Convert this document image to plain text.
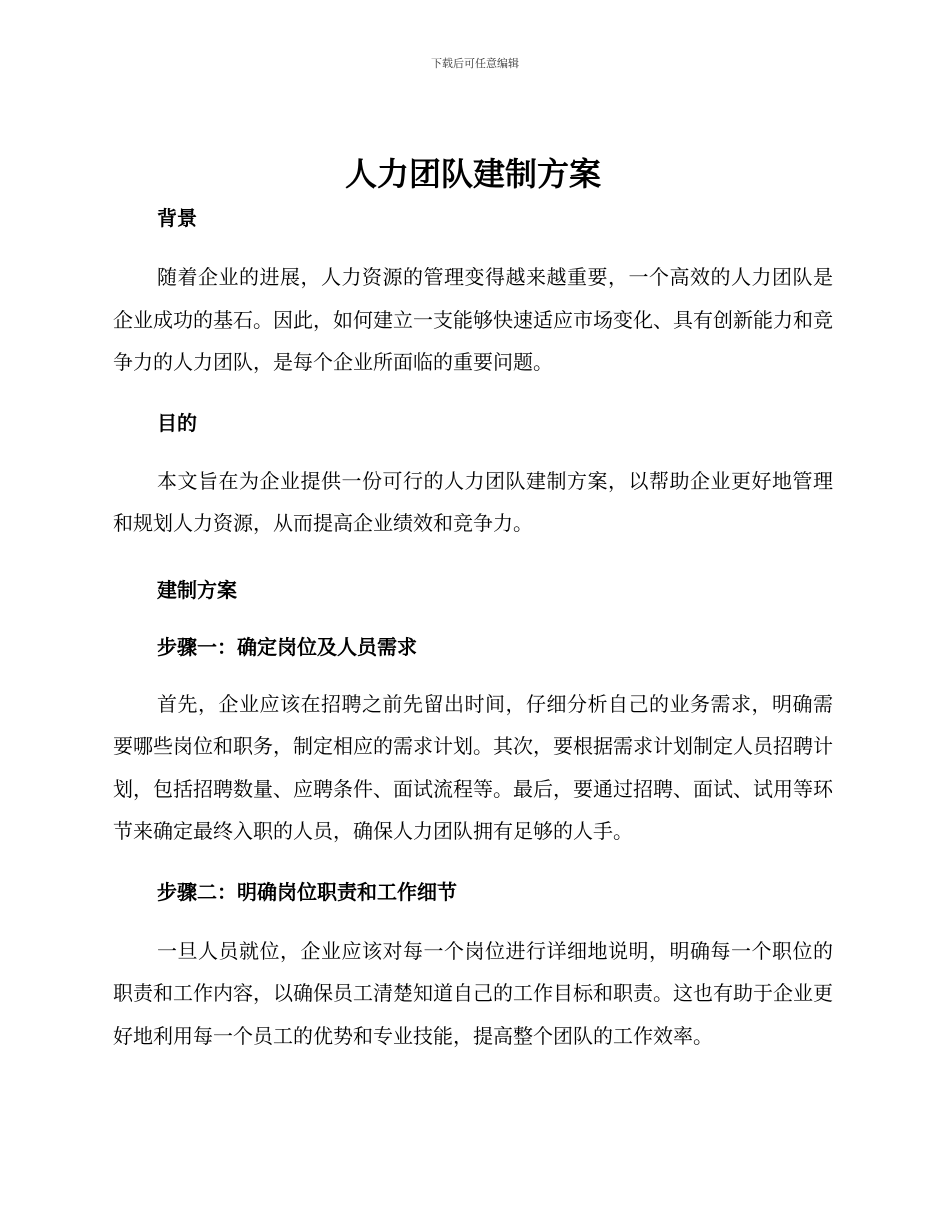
下载后可任意编辑
人力团队建制方案

背景

随着企业的进展，人力资源的管理变得越来越重要，一个高效的人力团队是企业成功的基石。因此，如何建立一支能够快速适应市场变化、具有创新能力和竞争力的人力团队，是每个企业所面临的重要问题。

目的

本文旨在为企业提供一份可行的人力团队建制方案，以帮助企业更好地管理和规划人力资源，从而提高企业绩效和竞争力。

建制方案

步骤一：确定岗位及人员需求

首先，企业应该在招聘之前先留出时间，仔细分析自己的业务需求，明确需要哪些岗位和职务，制定相应的需求计划。其次，要根据需求计划制定人员招聘计划，包括招聘数量、应聘条件、面试流程等。最后，要通过招聘、面试、试用等环节来确定最终入职的人员，确保人力团队拥有足够的人手。

步骤二：明确岗位职责和工作细节

一旦人员就位，企业应该对每一个岗位进行详细地说明，明确每一个职位的职责和工作内容，以确保员工清楚知道自己的工作目标和职责。这也有助于企业更好地利用每一个员工的优势和专业技能，提高整个团队的工作效率。
